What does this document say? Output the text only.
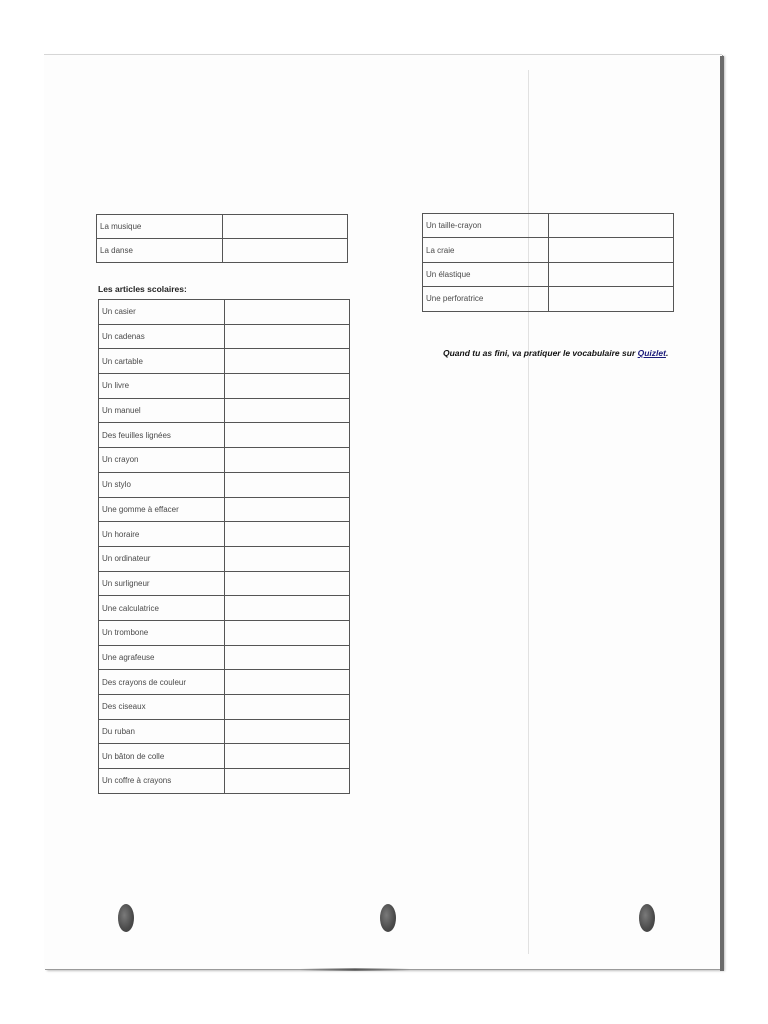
La musique	
La danse	
Les articles scolaires:
Un casier	
Un cadenas	
Un cartable	
Un livre	
Un manuel	
Des feuilles lignées	
Un crayon	
Un stylo	
Une gomme à effacer	
Un horaire	
Un ordinateur	
Un surligneur	
Une calculatrice	
Un trombone	
Une agrafeuse	
Des crayons de couleur	
Des ciseaux	
Du ruban	
Un bâton de colle	
Un coffre à crayons	
Un taille-crayon	
La craie	
Un élastique	
Une perforatrice	
Quand tu as fini, va pratiquer le vocabulaire sur Quizlet.
